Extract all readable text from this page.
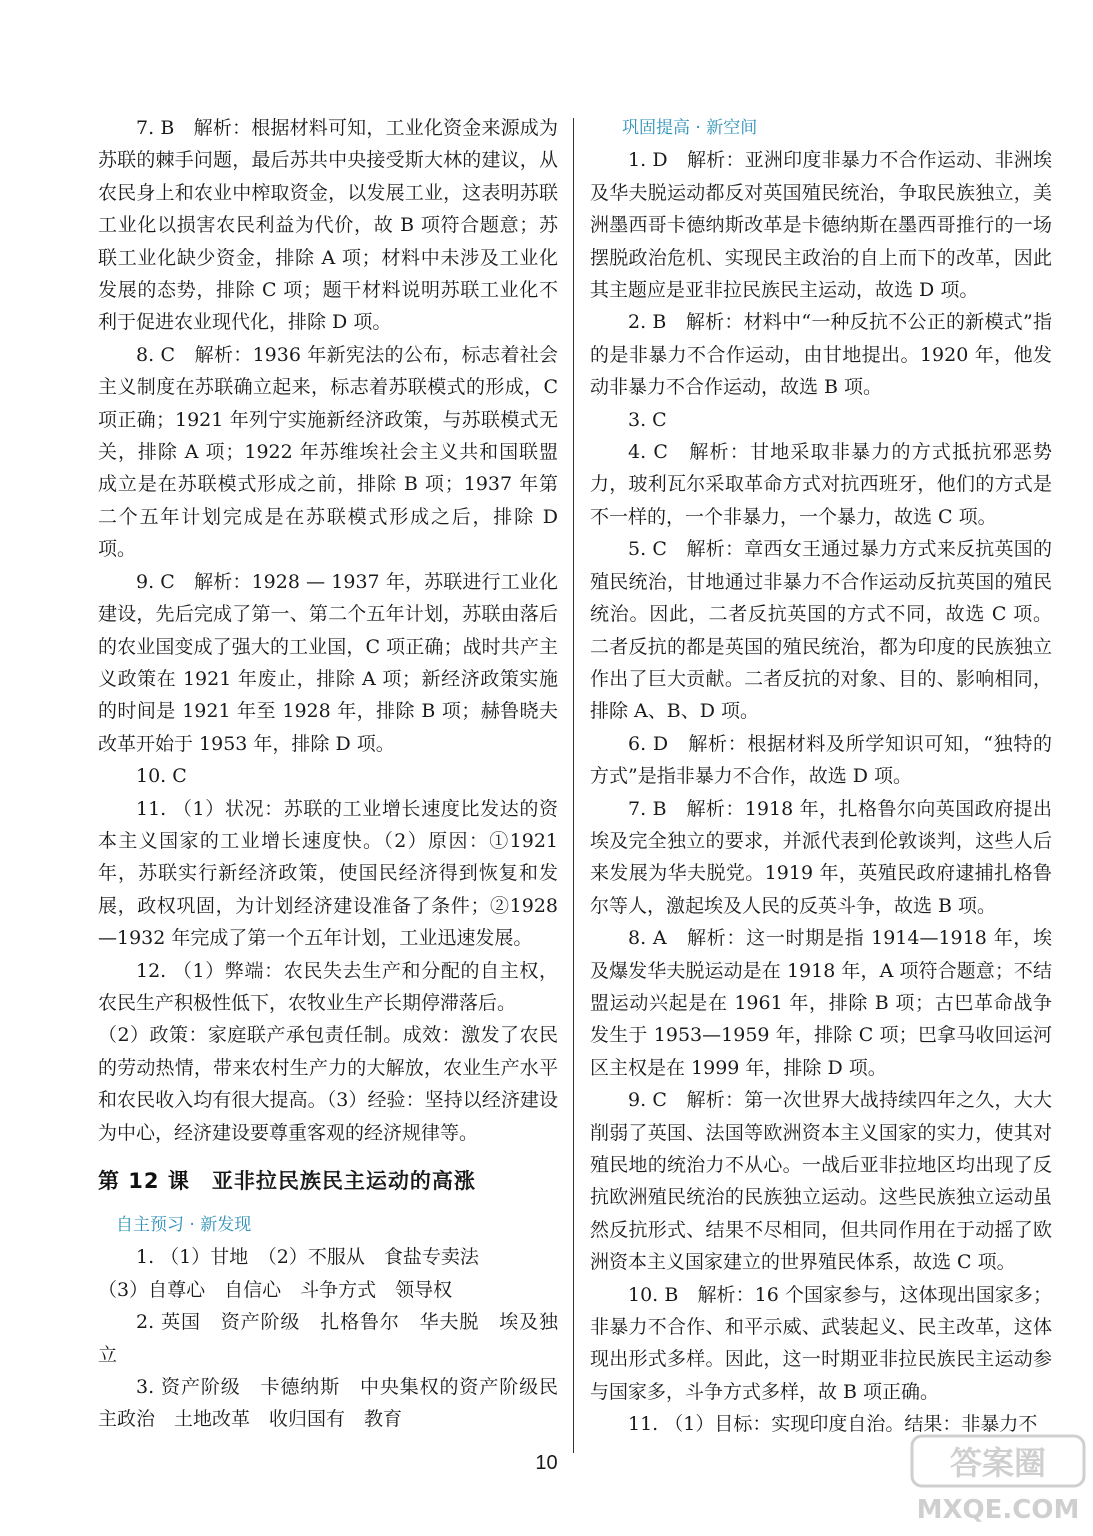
7. B　解析：根据材料可知，工业化资金来源成为苏联的棘手问题，最后苏共中央接受斯大林的建议，从农民身上和农业中榨取资金，以发展工业，这表明苏联工业化以损害农民利益为代价，故 B 项符合题意；苏联工业化缺少资金，排除 A 项；材料中未涉及工业化发展的态势，排除 C 项；题干材料说明苏联工业化不利于促进农业现代化，排除 D 项。

8. C　解析：1936 年新宪法的公布，标志着社会主义制度在苏联确立起来，标志着苏联模式的形成，C 项正确；1921 年列宁实施新经济政策，与苏联模式无关，排除 A 项；1922 年苏维埃社会主义共和国联盟成立是在苏联模式形成之前，排除 B 项；1937 年第二个五年计划完成是在苏联模式形成之后，排除 D 项。

9. C　解析：1928 — 1937 年，苏联进行工业化建设，先后完成了第一、第二个五年计划，苏联由落后的农业国变成了强大的工业国，C 项正确；战时共产主义政策在 1921 年废止，排除 A 项；新经济政策实施的时间是 1921 年至 1928 年，排除 B 项；赫鲁晓夫改革开始于 1953 年，排除 D 项。

10. C

11. （1）状况：苏联的工业增长速度比发达的资本主义国家的工业增长速度快。（2）原因：①1921 年，苏联实行新经济政策，使国民经济得到恢复和发展，政权巩固，为计划经济建设准备了条件；②1928—1932 年完成了第一个五年计划，工业迅速发展。

12. （1）弊端：农民失去生产和分配的自主权，农民生产积极性低下，农牧业生产长期停滞落后。

（2）政策：家庭联产承包责任制。成效：激发了农民的劳动热情，带来农村生产力的大解放，农业生产水平和农民收入均有很大提高。（3）经验：坚持以经济建设为中心，经济建设要尊重客观的经济规律等。

第 12 课 亚非拉民族民主运动的高涨

自主预习 · 新发现

1. （1）甘地　（2）不服从　食盐专卖法

（3）自尊心　自信心　斗争方式　领导权

2. 英国　资产阶级　扎格鲁尔　华夫脱　埃及独立

3. 资产阶级　卡德纳斯　中央集权的资产阶级民主政治　土地改革　收归国有　教育

巩固提高 · 新空间

1. D　解析：亚洲印度非暴力不合作运动、非洲埃及华夫脱运动都反对英国殖民统治，争取民族独立，美洲墨西哥卡德纳斯改革是卡德纳斯在墨西哥推行的一场摆脱政治危机、实现民主政治的自上而下的改革，因此其主题应是亚非拉民族民主运动，故选 D 项。

2. B　解析：材料中“一种反抗不公正的新模式”指的是非暴力不合作运动，由甘地提出。1920 年，他发动非暴力不合作运动，故选 B 项。

3. C

4. C　解析：甘地采取非暴力的方式抵抗邪恶势力，玻利瓦尔采取革命方式对抗西班牙，他们的方式是不一样的，一个非暴力，一个暴力，故选 C 项。

5. C　解析：章西女王通过暴力方式来反抗英国的殖民统治，甘地通过非暴力不合作运动反抗英国的殖民统治。因此，二者反抗英国的方式不同，故选 C 项。二者反抗的都是英国的殖民统治，都为印度的民族独立作出了巨大贡献。二者反抗的对象、目的、影响相同，排除 A、B、D 项。

6. D　解析：根据材料及所学知识可知，“独特的方式”是指非暴力不合作，故选 D 项。

7. B　解析：1918 年，扎格鲁尔向英国政府提出埃及完全独立的要求，并派代表到伦敦谈判，这些人后来发展为华夫脱党。1919 年，英殖民政府逮捕扎格鲁尔等人，激起埃及人民的反英斗争，故选 B 项。

8. A　解析：这一时期是指 1914—1918 年，埃及爆发华夫脱运动是在 1918 年，A 项符合题意；不结盟运动兴起是在 1961 年，排除 B 项；古巴革命战争发生于 1953—1959 年，排除 C 项；巴拿马收回运河区主权是在 1999 年，排除 D 项。

9. C　解析：第一次世界大战持续四年之久，大大削弱了英国、法国等欧洲资本主义国家的实力，使其对殖民地的统治力不从心。一战后亚非拉地区均出现了反抗欧洲殖民统治的民族独立运动。这些民族独立运动虽然反抗形式、结果不尽相同，但共同作用在于动摇了欧洲资本主义国家建立的世界殖民体系，故选 C 项。

10. B　解析：16 个国家参与，这体现出国家多；非暴力不合作、和平示威、武装起义、民主改革，这体现出形式多样。因此，这一时期亚非拉民族民主运动参与国家多，斗争方式多样，故 B 项正确。

11. （1）目标：实现印度自治。结果：非暴力不

10	答案圈
MXQE.COM
